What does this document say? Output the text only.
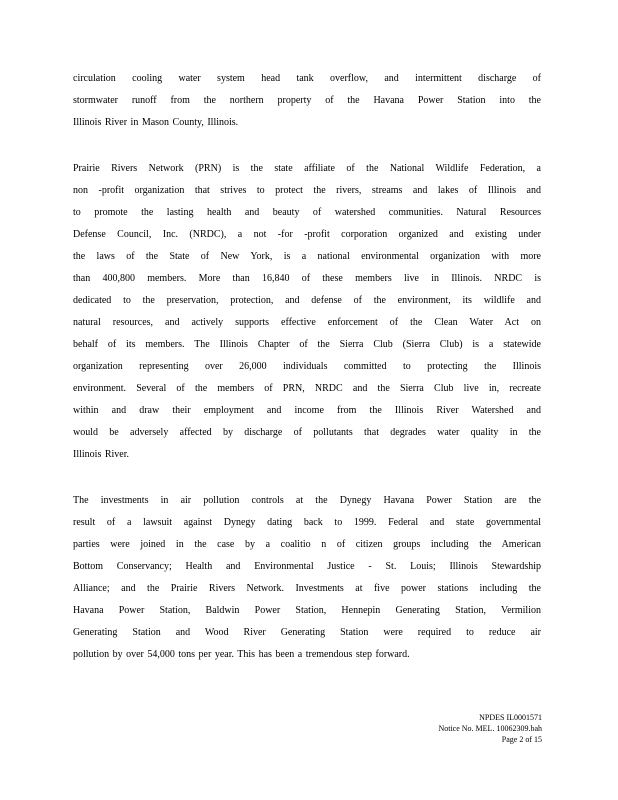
circulation cooling water system head tank overflow, and intermittent discharge of
stormwater runoff from the northern property of the Havana Power Station into the
Illinois River in Mason County, Illinois.
Prairie Rivers Network (PRN) is the state affiliate of the National Wildlife Federation, a
non ‐profit organization that strives to protect the rivers, streams and lakes of Illinois and
to promote the lasting health and beauty of watershed communities. Natural Resources
Defense Council, Inc. (NRDC), a not ‐for ‐profit corporation organized and existing under
the laws of the State of New York, is a national environmental organization with more
than 400,800 members. More than 16,840 of these members live in Illinois. NRDC is
dedicated to the preservation, protection, and defense of the environment, its wildlife and
natural resources, and actively supports effective enforcement of the Clean Water Act on
behalf of its members. The Illinois Chapter of the Sierra Club (Sierra Club) is a statewide
organization representing over 26,000 individuals committed to protecting the Illinois
environment. Several of the members of PRN, NRDC and the Sierra Club live in, recreate
within and draw their employment and income from the Illinois River Watershed and
would be adversely affected by discharge of pollutants that degrades water quality in the
Illinois River.
The investments in air pollution controls at the Dynegy Havana Power Station are the
result of a lawsuit against Dynegy dating back to 1999. Federal and state governmental
parties were joined in the case by a coalitio n of citizen groups including the American
Bottom Conservancy; Health and Environmental Justice ‐ St. Louis; Illinois Stewardship
Alliance; and the Prairie Rivers Network. Investments at five power stations including the
Havana Power Station, Baldwin Power Station, Hennepin Generating Station, Vermilion
Generating Station and Wood River Generating Station were required to reduce air
pollution by over 54,000 tons per year. This has been a tremendous step forward.
NPDES IL0001571
Notice No. MEL. 10062309.bah
Page 2 of 15
